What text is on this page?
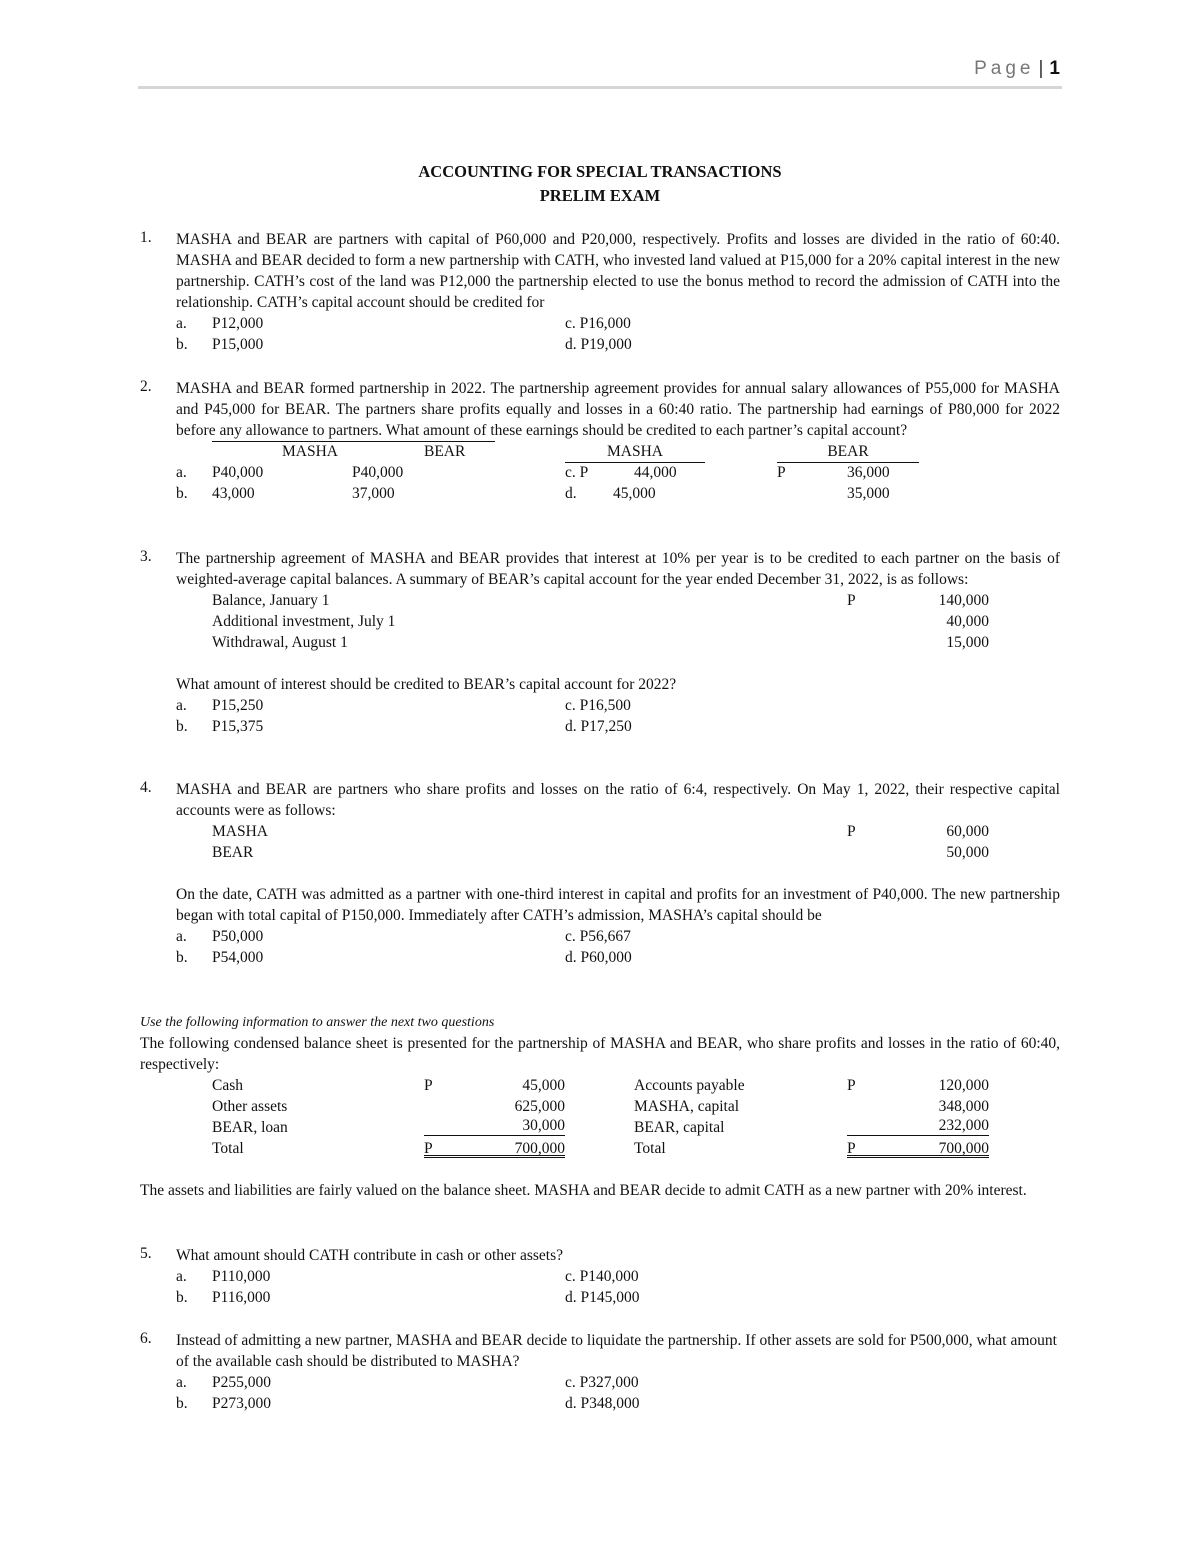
Page | 1
ACCOUNTING FOR SPECIAL TRANSACTIONS
PRELIM EXAM
1. MASHA and BEAR are partners with capital of P60,000 and P20,000, respectively. Profits and losses are divided in the ratio of 60:40. MASHA and BEAR decided to form a new partnership with CATH, who invested land valued at P15,000 for a 20% capital interest in the new partnership. CATH’s cost of the land was P12,000 the partnership elected to use the bonus method to record the admission of CATH into the relationship. CATH’s capital account should be credited for
a. P12,000	c. P16,000
b. P15,000	d. P19,000
2. MASHA and BEAR formed partnership in 2022. The partnership agreement provides for annual salary allowances of P55,000 for MASHA and P45,000 for BEAR. The partners share profits equally and losses in a 60:40 ratio. The partnership had earnings of P80,000 for 2022 before any allowance to partners. What amount of these earnings should be credited to each partner’s capital account?
MASHA	BEAR	MASHA	BEAR
a. P40,000	P40,000	c. P	44,000	P	36,000
b. 43,000	37,000	d. 45,000	35,000
3. The partnership agreement of MASHA and BEAR provides that interest at 10% per year is to be credited to each partner on the basis of weighted-average capital balances. A summary of BEAR’s capital account for the year ended December 31, 2022, is as follows:
Balance, January 1	P	140,000
Additional investment, July 1	40,000
Withdrawal, August 1	15,000
What amount of interest should be credited to BEAR’s capital account for 2022?
a. P15,250	c. P16,500
b. P15,375	d. P17,250
4. MASHA and BEAR are partners who share profits and losses on the ratio of 6:4, respectively. On May 1, 2022, their respective capital accounts were as follows:
MASHA	P	60,000
BEAR	50,000
On the date, CATH was admitted as a partner with one-third interest in capital and profits for an investment of P40,000. The new partnership began with total capital of P150,000. Immediately after CATH’s admission, MASHA’s capital should be
a. P50,000	c. P56,667
b. P54,000	d. P60,000
Use the following information to answer the next two questions
The following condensed balance sheet is presented for the partnership of MASHA and BEAR, who share profits and losses in the ratio of 60:40, respectively:
Cash	P	45,000	Accounts payable	P	120,000
Other assets	625,000	MASHA, capital	348,000
BEAR, loan	30,000	BEAR, capital	232,000
Total	P	700,000	Total	P	700,000
The assets and liabilities are fairly valued on the balance sheet. MASHA and BEAR decide to admit CATH as a new partner with 20% interest.
5. What amount should CATH contribute in cash or other assets?
a. P110,000	c. P140,000
b. P116,000	d. P145,000
6. Instead of admitting a new partner, MASHA and BEAR decide to liquidate the partnership. If other assets are sold for P500,000, what amount of the available cash should be distributed to MASHA?
a. P255,000	c. P327,000
b. P273,000	d. P348,000
